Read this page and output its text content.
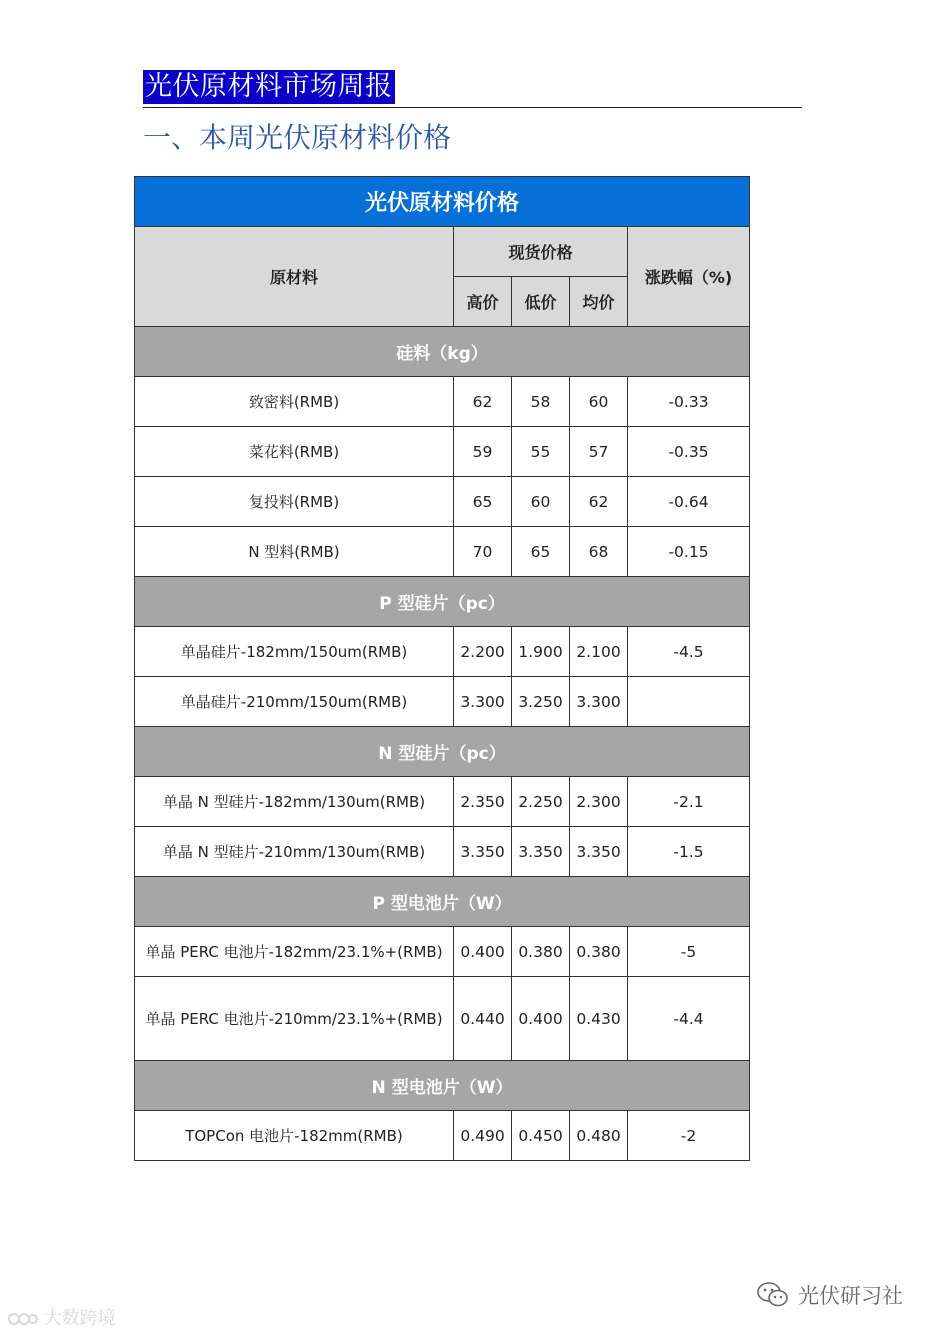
光伏原材料市场周报
一、本周光伏原材料价格
光伏原材料价格				
原材料	现货价格			涨跌幅（%)
	高价	低价	均价	
硅料（kg）				
致密料(RMB)	62	58	60	-0.33
菜花料(RMB)	59	55	57	-0.35
复投料(RMB)	65	60	62	-0.64
N 型料(RMB)	70	65	68	-0.15
P 型硅片（pc）				
单晶硅片-182mm/150um(RMB)	2.200	1.900	2.100	-4.5
单晶硅片-210mm/150um(RMB)	3.300	3.250	3.300	
N 型硅片（pc）				
单晶 N 型硅片-182mm/130um(RMB)	2.350	2.250	2.300	-2.1
单晶 N 型硅片-210mm/130um(RMB)	3.350	3.350	3.350	-1.5
P 型电池片（W）				
单晶 PERC 电池片-182mm/23.1%+(RMB)	0.400	0.380	0.380	-5
单晶 PERC 电池片-210mm/23.1%+(RMB)	0.440	0.400	0.430	-4.4
N 型电池片（W）				
TOPCon 电池片-182mm(RMB)	0.490	0.450	0.480	-2
大数跨境
光伏研习社
